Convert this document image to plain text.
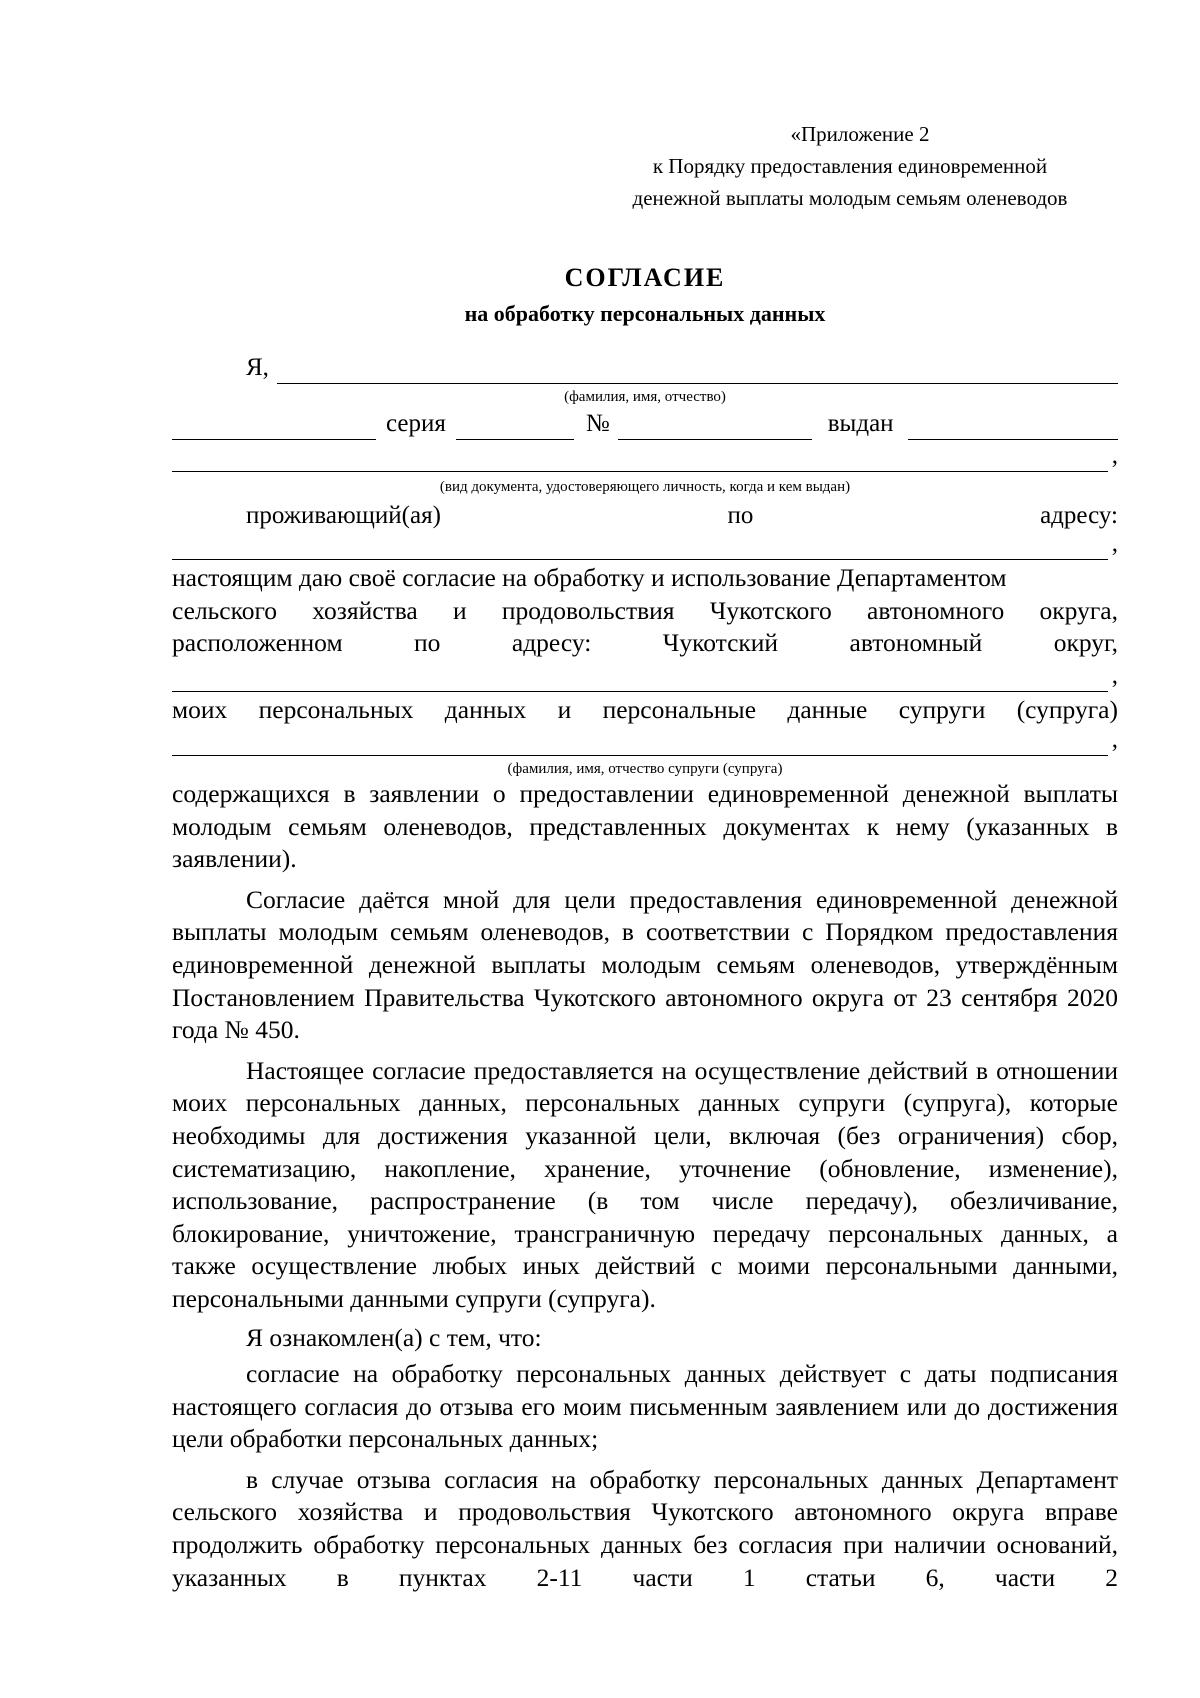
«Приложение 2
к Порядку предоставления единовременной
денежной выплаты молодым семьям оленеводов
СОГЛАСИЕ
на обработку персональных данных
Я,
(фамилия, имя, отчество)
серия	№	выдан
,
(вид документа, удостоверяющего личность, когда и кем выдан)
проживающий(ая)	по	адресу:
,
настоящим даю своё согласие на обработку и использование Департаментом
сельского хозяйства и продовольствия Чукотского автономного округа,
расположенном	по	адресу:	Чукотский	автономный	округ,
,
моих персональных данных и персональные данные супруги (супруга)
,
(фамилия, имя, отчество супруги (супруга)

содержащихся в заявлении о предоставлении единовременной денежной выплаты молодым семьям оленеводов, представленных документах к нему (указанных в заявлении).

Согласие даётся мной для цели предоставления единовременной денежной выплаты молодым семьям оленеводов, в соответствии с Порядком предоставления единовременной денежной выплаты молодым семьям оленеводов, утверждённым Постановлением Правительства Чукотского автономного округа от 23 сентября 2020 года № 450.

Настоящее согласие предоставляется на осуществление действий в отношении моих персональных данных, персональных данных супруги (супруга), которые необходимы для достижения указанной цели, включая (без ограничения) сбор, систематизацию, накопление, хранение, уточнение (обновление, изменение), использование, распространение (в том числе передачу), обезличивание, блокирование, уничтожение, трансграничную передачу персональных данных, а также осуществление любых иных действий с моими персональными данными, персональными данными супруги (супруга).

Я ознакомлен(а) с тем, что:

согласие на обработку персональных данных действует с даты подписания настоящего согласия до отзыва его моим письменным заявлением или до достижения цели обработки персональных данных;

в случае отзыва согласия на обработку персональных данных Департамент сельского хозяйства и продовольствия Чукотского автономного округа вправе продолжить обработку персональных данных без согласия при наличии оснований, указанных в пунктах 2-11 части 1 статьи 6, части 2
